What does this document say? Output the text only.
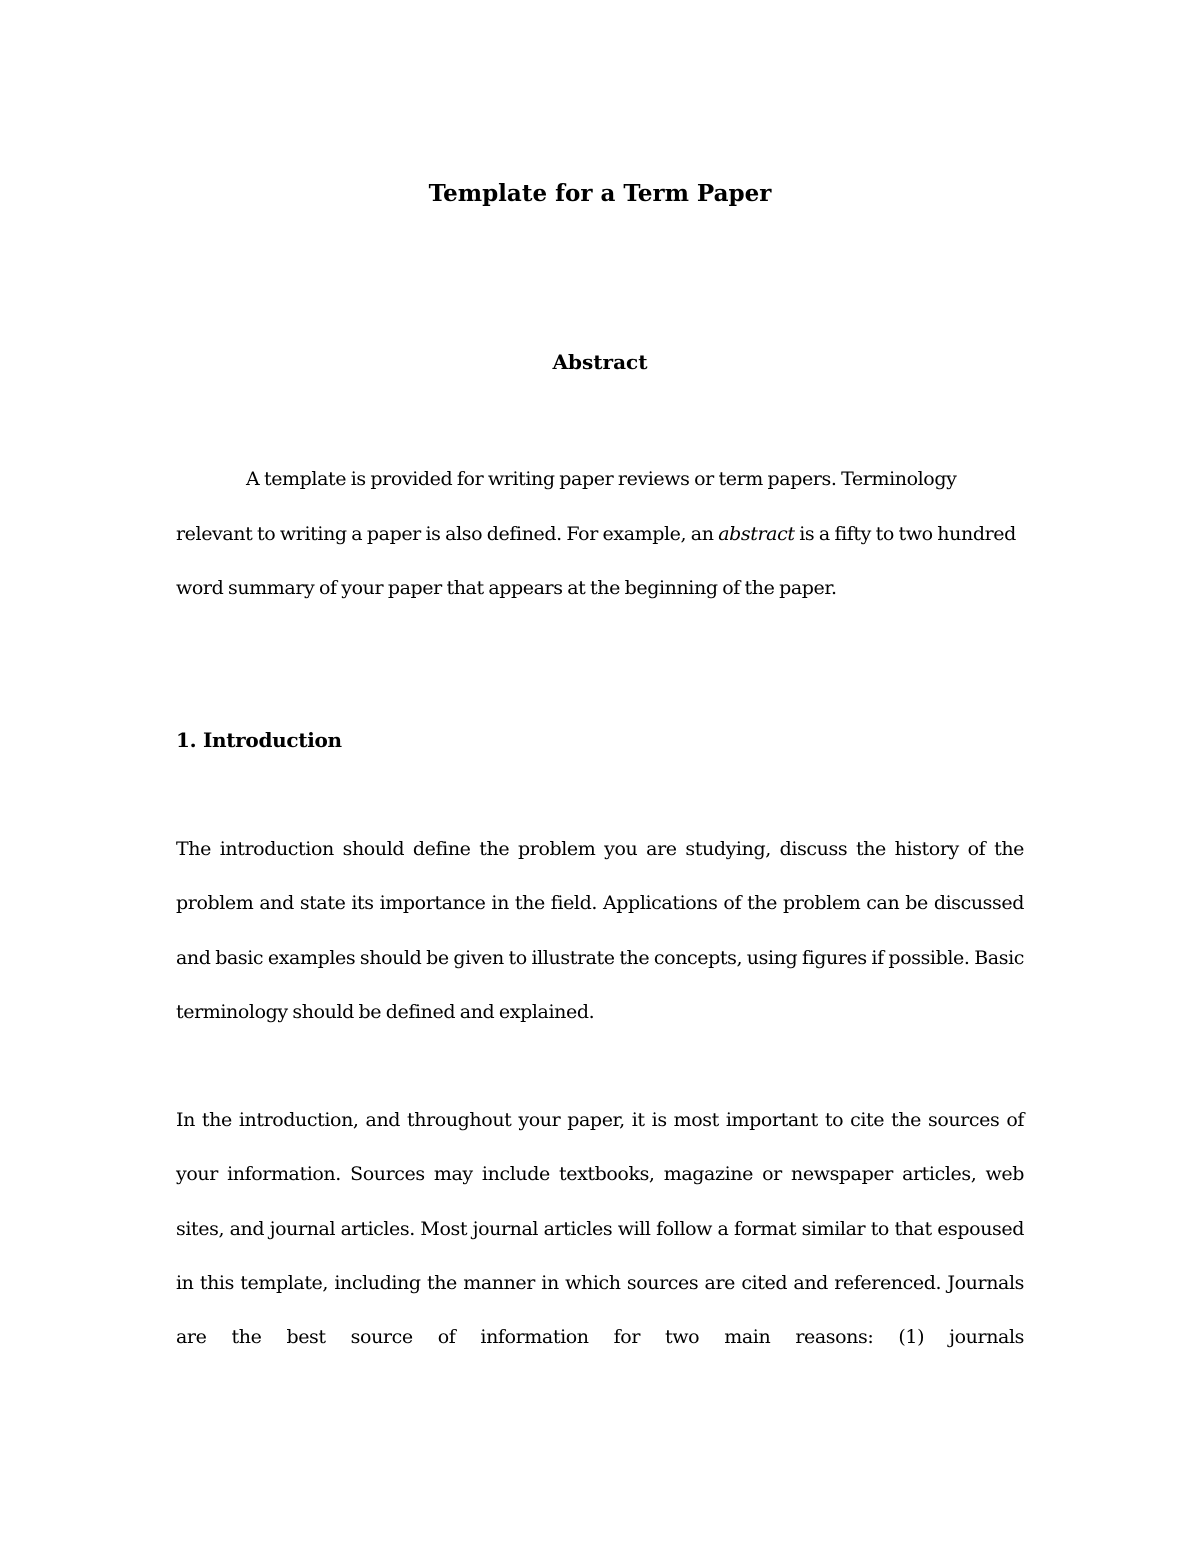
Template for a Term Paper
Abstract

A template is provided for writing paper reviews or term papers. Terminology relevant to writing a paper is also defined. For example, an abstract is a fifty to two hundred word summary of your paper that appears at the beginning of the paper.

1. Introduction

The introduction should define the problem you are studying, discuss the history of the problem and state its importance in the field. Applications of the problem can be discussed and basic examples should be given to illustrate the concepts, using figures if possible. Basic terminology should be defined and explained.

In the introduction, and throughout your paper, it is most important to cite the sources of your information. Sources may include textbooks, magazine or newspaper articles, web sites, and journal articles. Most journal articles will follow a format similar to that espoused in this template, including the manner in which sources are cited and referenced. Journals are the best source of information for two main reasons: (1) journals
